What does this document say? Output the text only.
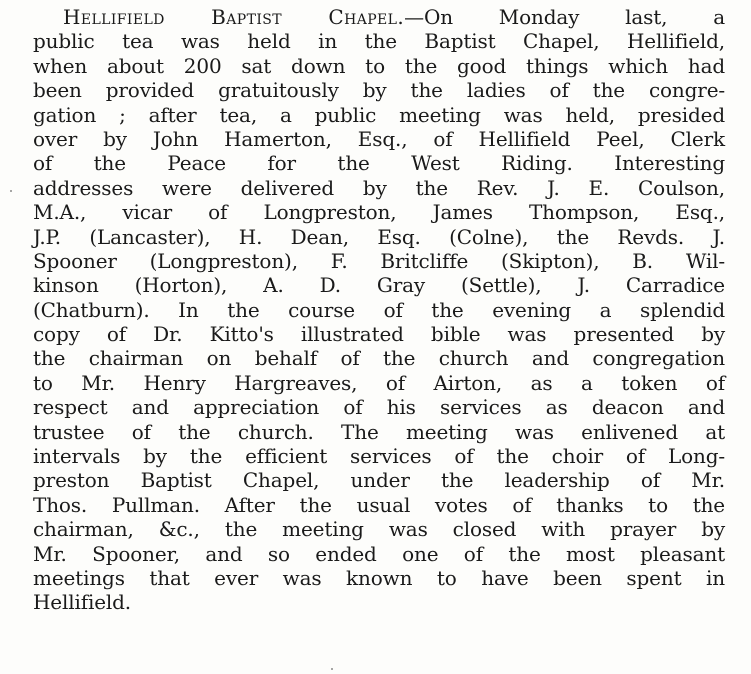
Hellifield Baptist Chapel.—On Monday last, a
public tea was held in the Baptist Chapel, Hellifield,
when about 200 sat down to the good things which had
been provided gratuitously by the ladies of the congre-
gation ; after tea, a public meeting was held, presided
over by John Hamerton, Esq., of Hellifield Peel, Clerk
of the Peace for the West Riding. Interesting
addresses were delivered by the Rev. J. E. Coulson,
M.A., vicar of Longpreston, James Thompson, Esq.,
J.P. (Lancaster), H. Dean, Esq. (Colne), the Revds. J.
Spooner (Longpreston), F. Britcliffe (Skipton), B. Wil-
kinson (Horton), A. D. Gray (Settle), J. Carradice
(Chatburn). In the course of the evening a splendid
copy of Dr. Kitto's illustrated bible was presented by
the chairman on behalf of the church and congregation
to Mr. Henry Hargreaves, of Airton, as a token of
respect and appreciation of his services as deacon and
trustee of the church. The meeting was enlivened at
intervals by the efficient services of the choir of Long-
preston Baptist Chapel, under the leadership of Mr.
Thos. Pullman. After the usual votes of thanks to the
chairman, &c., the meeting was closed with prayer by
Mr. Spooner, and so ended one of the most pleasant
meetings that ever was known to have been spent in
Hellifield.
